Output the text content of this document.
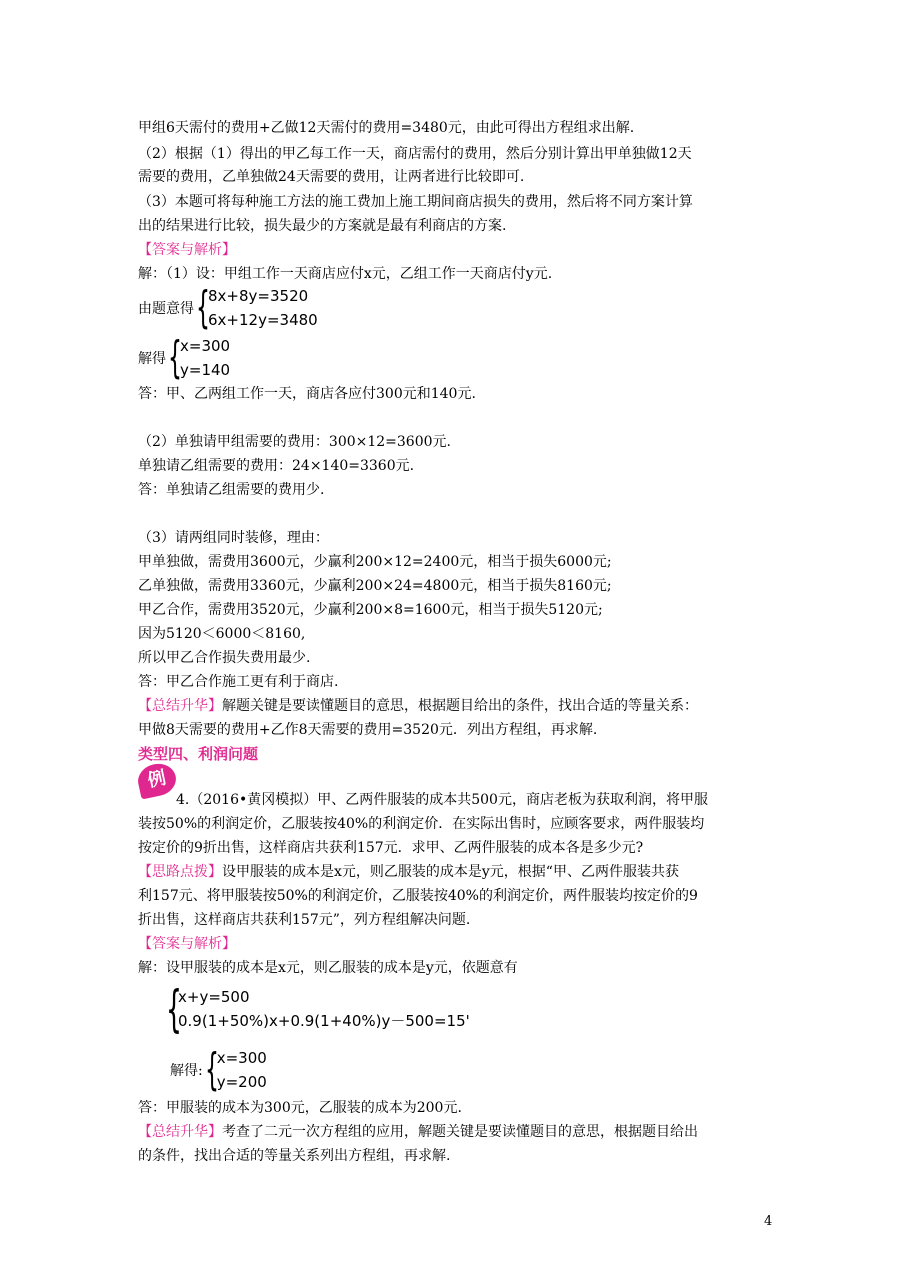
甲组6天需付的费用+乙做12天需付的费用=3480元，由此可得出方程组求出解.
（2）根据（1）得出的甲乙每工作一天，商店需付的费用，然后分别计算出甲单独做12天
需要的费用，乙单独做24天需要的费用，让两者进行比较即可.
（3）本题可将每种施工方法的施工费加上施工期间商店损失的费用，然后将不同方案计算
出的结果进行比较，损失最少的方案就是最有利商店的方案.
【答案与解析】
解：（1）设：甲组工作一天商店应付x元，乙组工作一天商店付y元.
由题意得 {
8x+8y=3520
6x+12y=3480
解得 {
x=300
y=140
答：甲、乙两组工作一天，商店各应付300元和140元.
（2）单独请甲组需要的费用：300×12=3600元.
单独请乙组需要的费用：24×140=3360元.
答：单独请乙组需要的费用少.
（3）请两组同时装修，理由：
甲单独做，需费用3600元，少赢利200×12=2400元，相当于损失6000元;
乙单独做，需费用3360元，少赢利200×24=4800元，相当于损失8160元;
甲乙合作，需费用3520元，少赢利200×8=1600元，相当于损失5120元;
因为5120＜6000＜8160,
所以甲乙合作损失费用最少.
答：甲乙合作施工更有利于商店.
【总结升华】解题关键是要读懂题目的意思，根据题目给出的条件，找出合适的等量关系：
甲做8天需要的费用+乙作8天需要的费用=3520元．列出方程组，再求解.
类型四、利润问题
例
4.（2016•黄冈模拟）甲、乙两件服装的成本共500元，商店老板为获取利润，将甲服
装按50%的利润定价，乙服装按40%的利润定价．在实际出售时，应顾客要求，两件服装均
按定价的9折出售，这样商店共获利157元．求甲、乙两件服装的成本各是多少元?
【思路点拨】设甲服装的成本是x元，则乙服装的成本是y元，根据“甲、乙两件服装共获
利157元、将甲服装按50%的利润定价，乙服装按40%的利润定价，两件服装均按定价的9
折出售，这样商店共获利157元”，列方程组解决问题.
【答案与解析】
解：设甲服装的成本是x元，则乙服装的成本是y元，依题意有
{
x+y=500
0.9(1+50%)x+0.9(1+40%)y－500=15'
解得: {
x=300
y=200
答：甲服装的成本为300元，乙服装的成本为200元.
【总结升华】考查了二元一次方程组的应用，解题关键是要读懂题目的意思，根据题目给出
的条件，找出合适的等量关系列出方程组，再求解.
4
